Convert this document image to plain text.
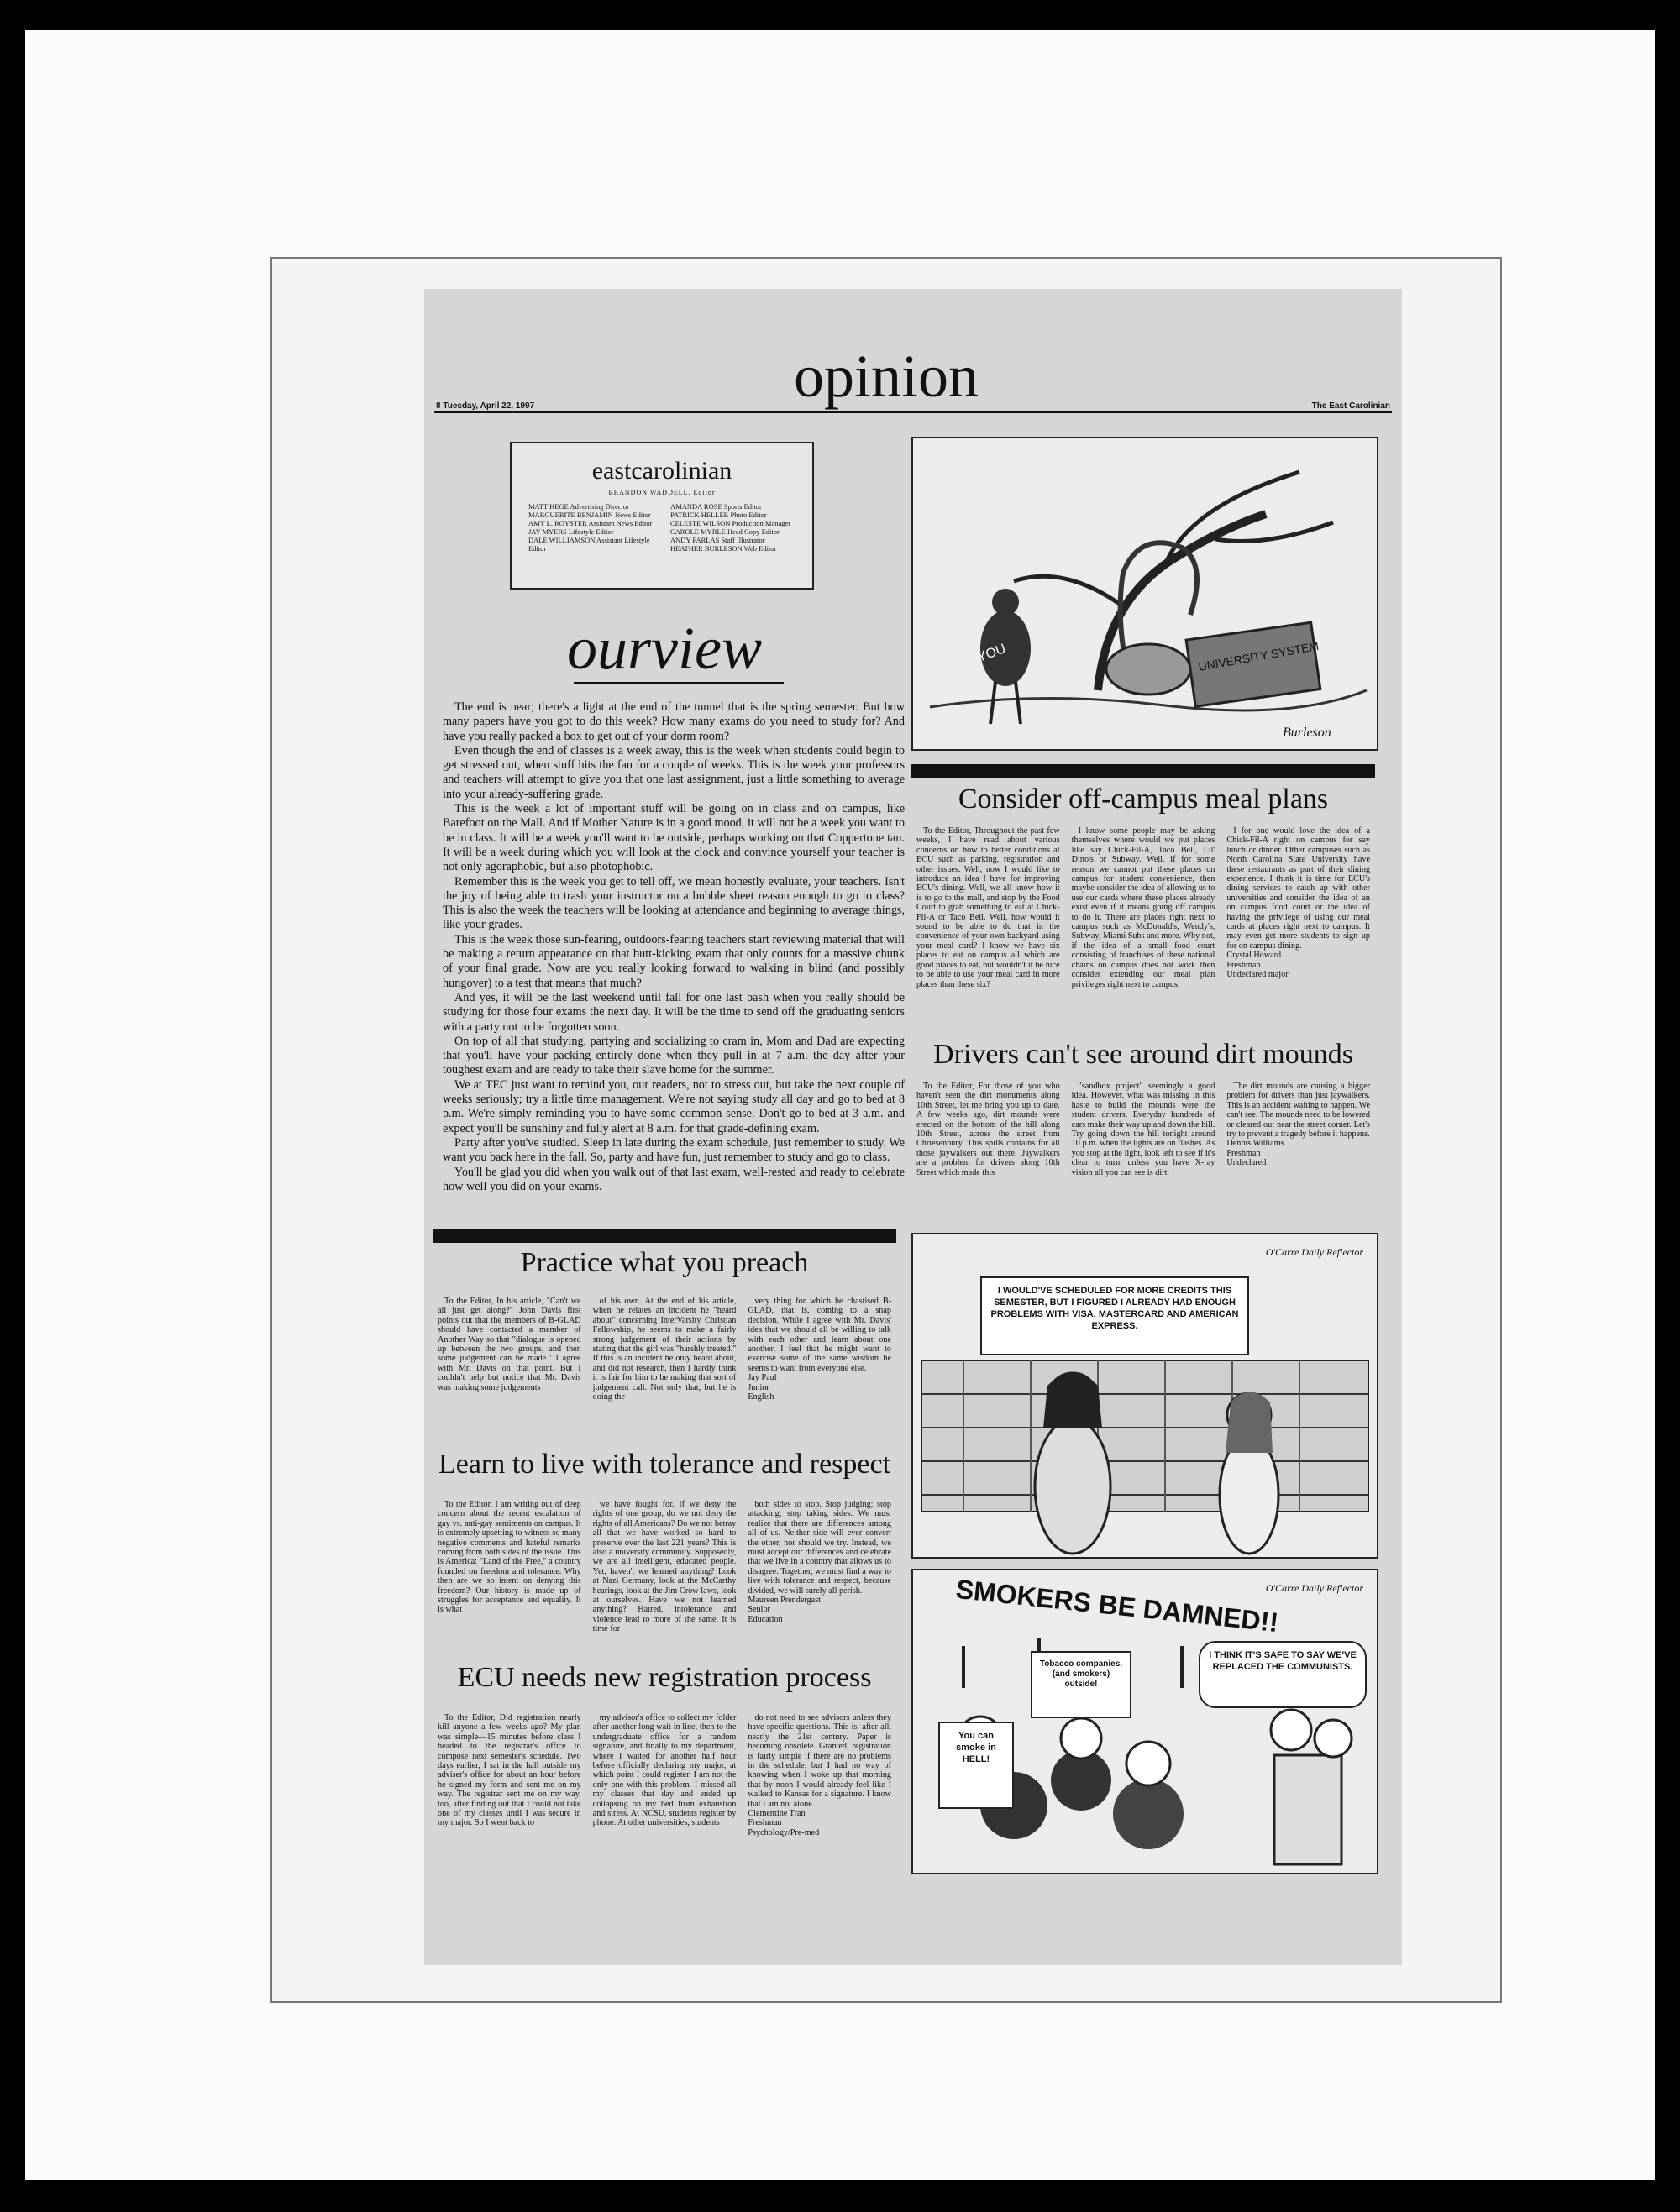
8 Tuesday, April 22, 1997	opinion	The East Carolinian
eastcarolinian
BRANDON WADDELL, Editor
MATT HEGE Advertising Director
MARGUERITE BENJAMIN News Editor
AMY L. ROYSTER Assistant News Editor
JAY MYERS Lifestyle Editor
DALE WILLIAMSON Assistant Lifestyle Editor
AMANDA ROSE Sports Editor
PATRICK HELLER Photo Editor
CELESTE WILSON Production Manager
CAROLE MYRLE Head Copy Editor
ANDY FARLAS Staff Illustrator
HEATHER BURLESON Web Editor
ourview

The end is near; there's a light at the end of the tunnel that is the spring semester. But how many papers have you got to do this week? How many exams do you need to study for? And have you really packed a box to get out of your dorm room?

Even though the end of classes is a week away, this is the week when students could begin to get stressed out, when stuff hits the fan for a couple of weeks. This is the week your professors and teachers will attempt to give you that one last assignment, just a little something to average into your already-suffering grade.

This is the week a lot of important stuff will be going on in class and on campus, like Barefoot on the Mall. And if Mother Nature is in a good mood, it will not be a week you want to be in class. It will be a week you'll want to be outside, perhaps working on that Coppertone tan. It will be a week during which you will look at the clock and convince yourself your teacher is not only agoraphobic, but also photophobic.

Remember this is the week you get to tell off, we mean honestly evaluate, your teachers. Isn't the joy of being able to trash your instructor on a bubble sheet reason enough to go to class? This is also the week the teachers will be looking at attendance and beginning to average things, like your grades.

This is the week those sun-fearing, outdoors-fearing teachers start reviewing material that will be making a return appearance on that butt-kicking exam that only counts for a massive chunk of your final grade. Now are you really looking forward to walking in blind (and possibly hungover) to a test that means that much?

And yes, it will be the last weekend until fall for one last bash when you really should be studying for those four exams the next day. It will be the time to send off the graduating seniors with a party not to be forgotten soon.

On top of all that studying, partying and socializing to cram in, Mom and Dad are expecting that you'll have your packing entirely done when they pull in at 7 a.m. the day after your toughest exam and are ready to take their slave home for the summer.

We at TEC just want to remind you, our readers, not to stress out, but take the next couple of weeks seriously; try a little time management. We're not saying study all day and go to bed at 8 p.m. We're simply reminding you to have some common sense. Don't go to bed at 3 a.m. and expect you'll be sunshiny and fully alert at 8 a.m. for that grade-defining exam.

Party after you've studied. Sleep in late during the exam schedule, just remember to study. We want you back here in the fall. So, party and have fun, just remember to study and go to class.

You'll be glad you did when you walk out of that last exam, well-rested and ready to celebrate how well you did on your exams.

YOU	UNIVERSITY SYSTEM
Burleson
Consider off-campus meal plans

To the Editor, Throughout the past few weeks, I have read about various concerns on how to better conditions at ECU such as parking, registration and other issues. Well, now I would like to introduce an idea I have for improving ECU's dining. Well, we all know how it is to go to the mall, and stop by the Food Court to grab something to eat at Chick-Fil-A or Taco Bell. Well, how would it sound to be able to do that in the convenience of your own backyard using your meal card? I know we have six places to eat on campus all which are good places to eat, but wouldn't it be nice to be able to use your meal card in more places than these six?

I know some people may be asking themselves where would we put places like say Chick-Fil-A, Taco Bell, Lil' Dino's or Subway. Well, if for some reason we cannot put these places on campus for student convenience, then maybe consider the idea of allowing us to use our cards where these places already exist even if it means going off campus to do it. There are places right next to campus such as McDonald's, Wendy's, Subway, Miami Subs and more. Why not, if the idea of a small food court consisting of franchises of these national chains on campus does not work then consider extending our meal plan privileges right next to campus.

I for one would love the idea of a Chick-Fil-A right on campus for say lunch or dinner. Other campuses such as North Carolina State University have these restaurants as part of their dining experience. I think it is time for ECU's dining services to catch up with other universities and consider the idea of an on campus food court or the idea of having the privilege of using our meal cards at places right next to campus. It may even get more students to sign up for on campus dining.

Crystal Howard

Freshman

Undeclared major

Drivers can't see around dirt mounds

To the Editor, For those of you who haven't seen the dirt monuments along 10th Street, let me bring you up to date. A few weeks ago, dirt mounds were erected on the bottom of the hill along 10th Street, across the street from Chriesenbury. This spills contains for all those jaywalkers out there. Jaywalkers are a problem for drivers along 10th Street which made this

"sandbox project" seemingly a good idea. However, what was missing in this haste to build the mounds were the student drivers. Everyday hundreds of cars make their way up and down the hill. Try going down the hill tonight around 10 p.m. when the lights are on flashes. As you stop at the light, look left to see if it's clear to turn, unless you have X-ray vision all you can see is dirt.

The dirt mounds are causing a bigger problem for drivers than just jaywalkers. This is an accident waiting to happen. We can't see. The mounds need to be lowered or cleared out near the street corner. Let's try to prevent a tragedy before it happens.

Dennis Williams

Freshman

Undeclared

Practice what you preach

To the Editor, In his article, "Can't we all just get along?" John Davis first points out that the members of B-GLAD should have contacted a member of Another Way so that "dialogue is opened up between the two groups, and then some judgement can be made." I agree with Mr. Davis on that point. But I couldn't help but notice that Mr. Davis was making some judgements

of his own. At the end of his article, when he relates an incident he "heard about" concerning InterVarsity Christian Fellowship, he seems to make a fairly strong judgement of their actions by stating that the girl was "harshly treated." If this is an incident he only heard about, and did not research, then I hardly think it is fair for him to be making that sort of judgement call. Not only that, but he is doing the

very thing for which he chastised B-GLAD, that is, coming to a snap decision. While I agree with Mr. Davis' idea that we should all be willing to talk with each other and learn about one another, I feel that he might want to exercise some of the same wisdom he seems to want from everyone else.

Jay Paul

Junior

English

Learn to live with tolerance and respect

To the Editor, I am writing out of deep concern about the recent escalation of gay vs. anti-gay sentiments on campus. It is extremely upsetting to witness so many negative comments and hateful remarks coming from both sides of the issue. This is America: "Land of the Free," a country founded on freedom and tolerance. Why then are we so intent on denying this freedom? Our history is made up of struggles for acceptance and equality. It is what

we have fought for. If we deny the rights of one group, do we not deny the rights of all Americans? Do we not betray all that we have worked so hard to preserve over the last 221 years? This is also a university community. Supposedly, we are all intelligent, educated people. Yet, haven't we learned anything? Look at Nazi Germany, look at the McCarthy hearings, look at the Jim Crow laws, look at ourselves. Have we not learned anything? Hatred, intolerance and violence lead to more of the same. It is time for

both sides to stop. Stop judging; stop attacking; stop taking sides. We must realize that there are differences among all of us. Neither side will ever convert the other, nor should we try. Instead, we must accept our differences and celebrate that we live in a country that allows us to disagree. Together, we must find a way to live with tolerance and respect, because divided, we will surely all perish.

Maureen Prendergast

Senior

Education

ECU needs new registration process

To the Editor, Did registration nearly kill anyone a few weeks ago? My plan was simple—15 minutes before class I headed to the registrar's office to compose next semester's schedule. Two days earlier, I sat in the hall outside my adviser's office for about an hour before he signed my form and sent me on my way. The registrar sent me on my way, too, after finding out that I could not take one of my classes until I was secure in my major. So I went back to

my advisor's office to collect my folder after another long wait in line, then to the undergraduate office for a random signature, and finally to my department, where I waited for another half hour before officially declaring my major, at which point I could register. I am not the only one with this problem. I missed all my classes that day and ended up collapsing on my bed from exhaustion and stress. At NCSU, students register by phone. At other universities, students

do not need to see advisors unless they have specific questions. This is, after all, nearly the 21st century. Paper is becoming obsolete. Granted, registration is fairly simple if there are no problems in the schedule, but I had no way of knowing when I woke up that morning that by noon I would already feel like I walked to Kansas for a signature. I know that I am not alone.

Clementine Tran

Freshman

Psychology/Pre-med

I WOULD'VE SCHEDULED FOR MORE CREDITS THIS SEMESTER, BUT I FIGURED I ALREADY HAD ENOUGH PROBLEMS WITH VISA, MASTERCARD AND AMERICAN EXPRESS.
O'Carre Daily Reflector
SMOKERS BE DAMNED!!
Tobacco companies, (and smokers) outside!
You can smoke in HELL!
I THINK IT'S SAFE TO SAY WE'VE REPLACED THE COMMUNISTS.
O'Carre Daily Reflector
